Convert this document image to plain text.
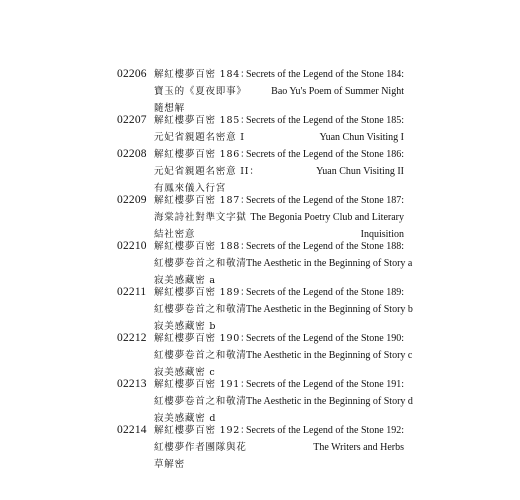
02206 解紅樓夢百密 184：
寶玉的《夏夜即事》
隨想解
Secrets of the Legend of the Stone 184:
Bao Yu's Poem of Summer Night
02207 解紅樓夢百密 185：
元妃省親題名密意 I
Secrets of the Legend of the Stone 185:
Yuan Chun Visiting I
02208 解紅樓夢百密 186：
元妃省親題名密意 II：
有鳳來儀入行宮
Secrets of the Legend of the Stone 186:
Yuan Chun Visiting II
02209 解紅樓夢百密 187：
海棠詩社對準文字獄
結社密意
Secrets of the Legend of the Stone 187:
The Begonia Poetry Club and Literary
Inquisition
02210 解紅樓夢百密 188：
紅樓夢卷首之和敬清
寂美感藏密 a
Secrets of the Legend of the Stone 188:
The Aesthetic in the Beginning of Story a
02211 解紅樓夢百密 189：
紅樓夢卷首之和敬清
寂美感藏密 b
Secrets of the Legend of the Stone 189:
The Aesthetic in the Beginning of Story b
02212 解紅樓夢百密 190：
紅樓夢卷首之和敬清
寂美感藏密 c
Secrets of the Legend of the Stone 190:
The Aesthetic in the Beginning of Story c
02213 解紅樓夢百密 191：
紅樓夢卷首之和敬清
寂美感藏密 d
Secrets of the Legend of the Stone 191:
The Aesthetic in the Beginning of Story d
02214 解紅樓夢百密 192：
紅樓夢作者團隊與花
草解密
Secrets of the Legend of the Stone 192:
The Writers and Herbs
